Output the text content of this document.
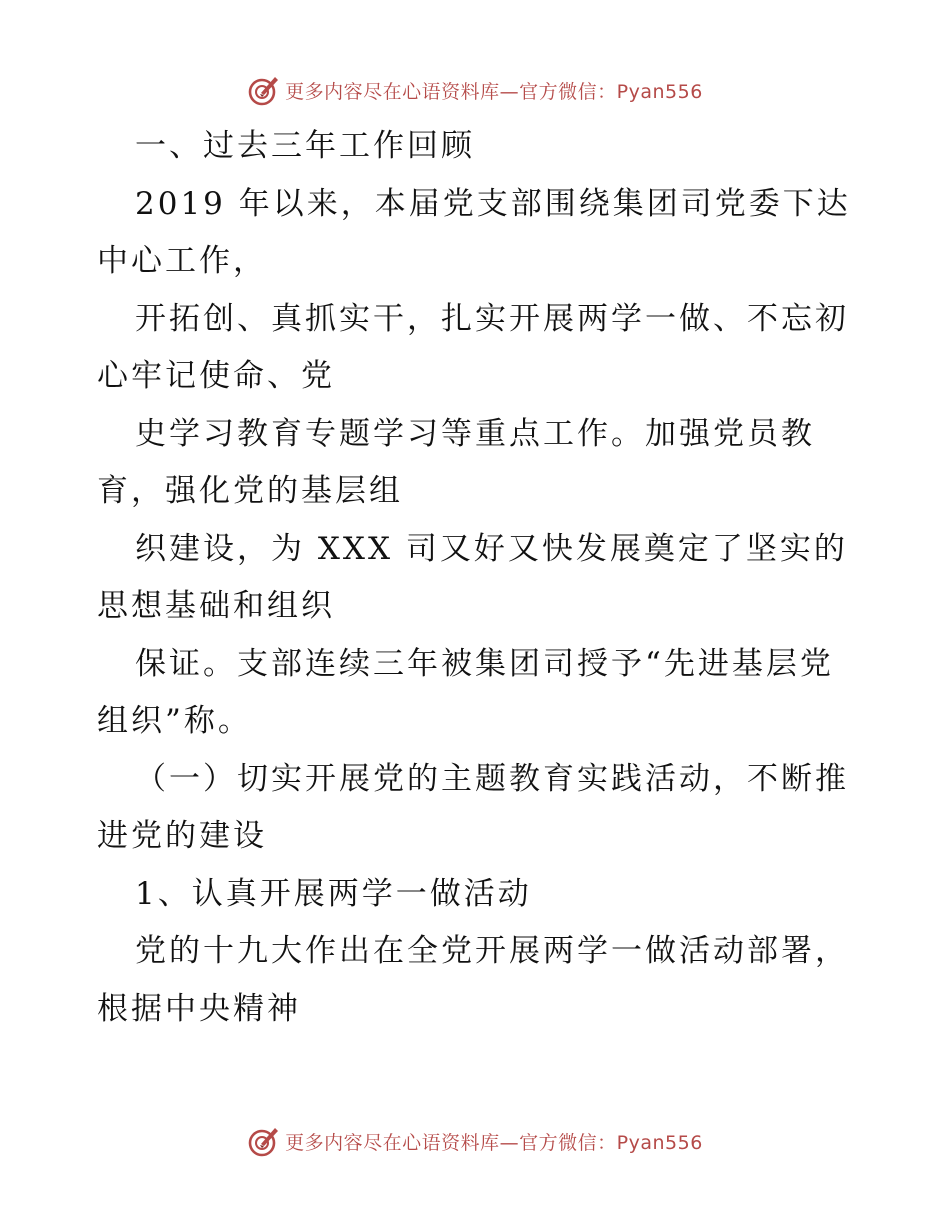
更多内容尽在心语资料库—官方微信：Pyan556
一、过去三年工作回顾
2019 年以来，本届党支部围绕集团司党委下达
中心工作，
开拓创、真抓实干，扎实开展两学一做、不忘初
心牢记使命、党
史学习教育专题学习等重点工作。加强党员教
育，强化党的基层组
织建设，为 XXX 司又好又快发展奠定了坚实的
思想基础和组织
保证。支部连续三年被集团司授予“先进基层党
组织”称。
（一）切实开展党的主题教育实践活动，不断推
进党的建设
1、认真开展两学一做活动
党的十九大作出在全党开展两学一做活动部署，
根据中央精神
更多内容尽在心语资料库—官方微信：Pyan556
